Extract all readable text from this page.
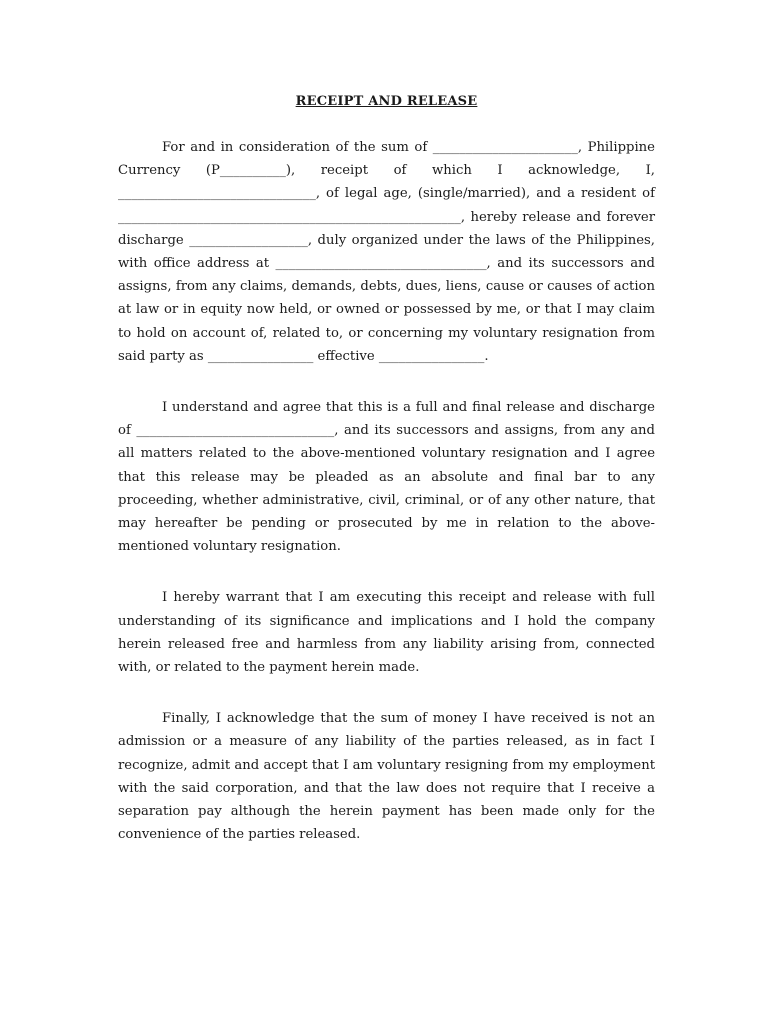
RECEIPT AND RELEASE

For and in consideration of the sum of ______________________, Philippine Currency (P__________), receipt of which I acknowledge, I, ______________________________, of legal age, (single/married), and a resident of ____________________________________________________, hereby release and forever discharge __________________, duly organized under the laws of the Philippines, with office address at ________________________________, and its successors and assigns, from any claims, demands, debts, dues, liens, cause or causes of action at law or in equity now held, or owned or possessed by me, or that I may claim to hold on account of, related to, or concerning my voluntary resignation from said party as ________________ effective ________________.

I understand and agree that this is a full and final release and discharge of ______________________________, and its successors and assigns, from any and all matters related to the above-mentioned voluntary resignation and I agree that this release may be pleaded as an absolute and final bar to any proceeding, whether administrative, civil, criminal, or of any other nature, that may hereafter be pending or prosecuted by me in relation to the above-mentioned voluntary resignation.

I hereby warrant that I am executing this receipt and release with full understanding of its significance and implications and I hold the company herein released free and harmless from any liability arising from, connected with, or related to the payment herein made.

Finally, I acknowledge that the sum of money I have received is not an admission or a measure of any liability of the parties released, as in fact I recognize, admit and accept that I am voluntary resigning from my employment with the said corporation, and that the law does not require that I receive a separation pay although the herein payment has been made only for the convenience of the parties released.
